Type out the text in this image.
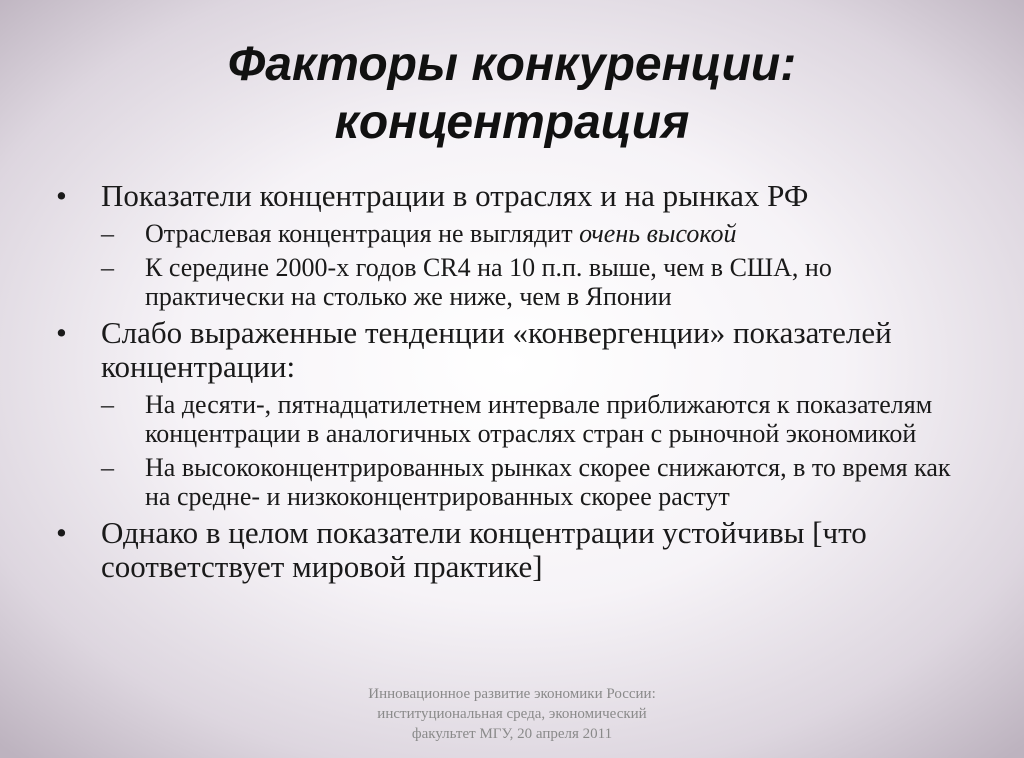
Факторы конкуренции:
концентрация
•	Показатели концентрации в отраслях и на рынках РФ
–	Отраслевая концентрация не выглядит очень высокой
–	К середине 2000-х годов CR4 на 10 п.п. выше, чем в США, но практически на столько же ниже, чем в Японии
•	Слабо выраженные тенденции «конвергенции» показателей концентрации:
–	На десяти-, пятнадцатилетнем интервале приближаются к показателям концентрации в аналогичных отраслях стран с рыночной экономикой
–	На высококонцентрированных рынках скорее снижаются, в то время как на средне- и низкоконцентрированных скорее растут
•	Однако в целом показатели концентрации устойчивы [что соответствует мировой практике]
Инновационное развитие экономики России: институциональная среда, экономический факультет МГУ, 20 апреля 2011
